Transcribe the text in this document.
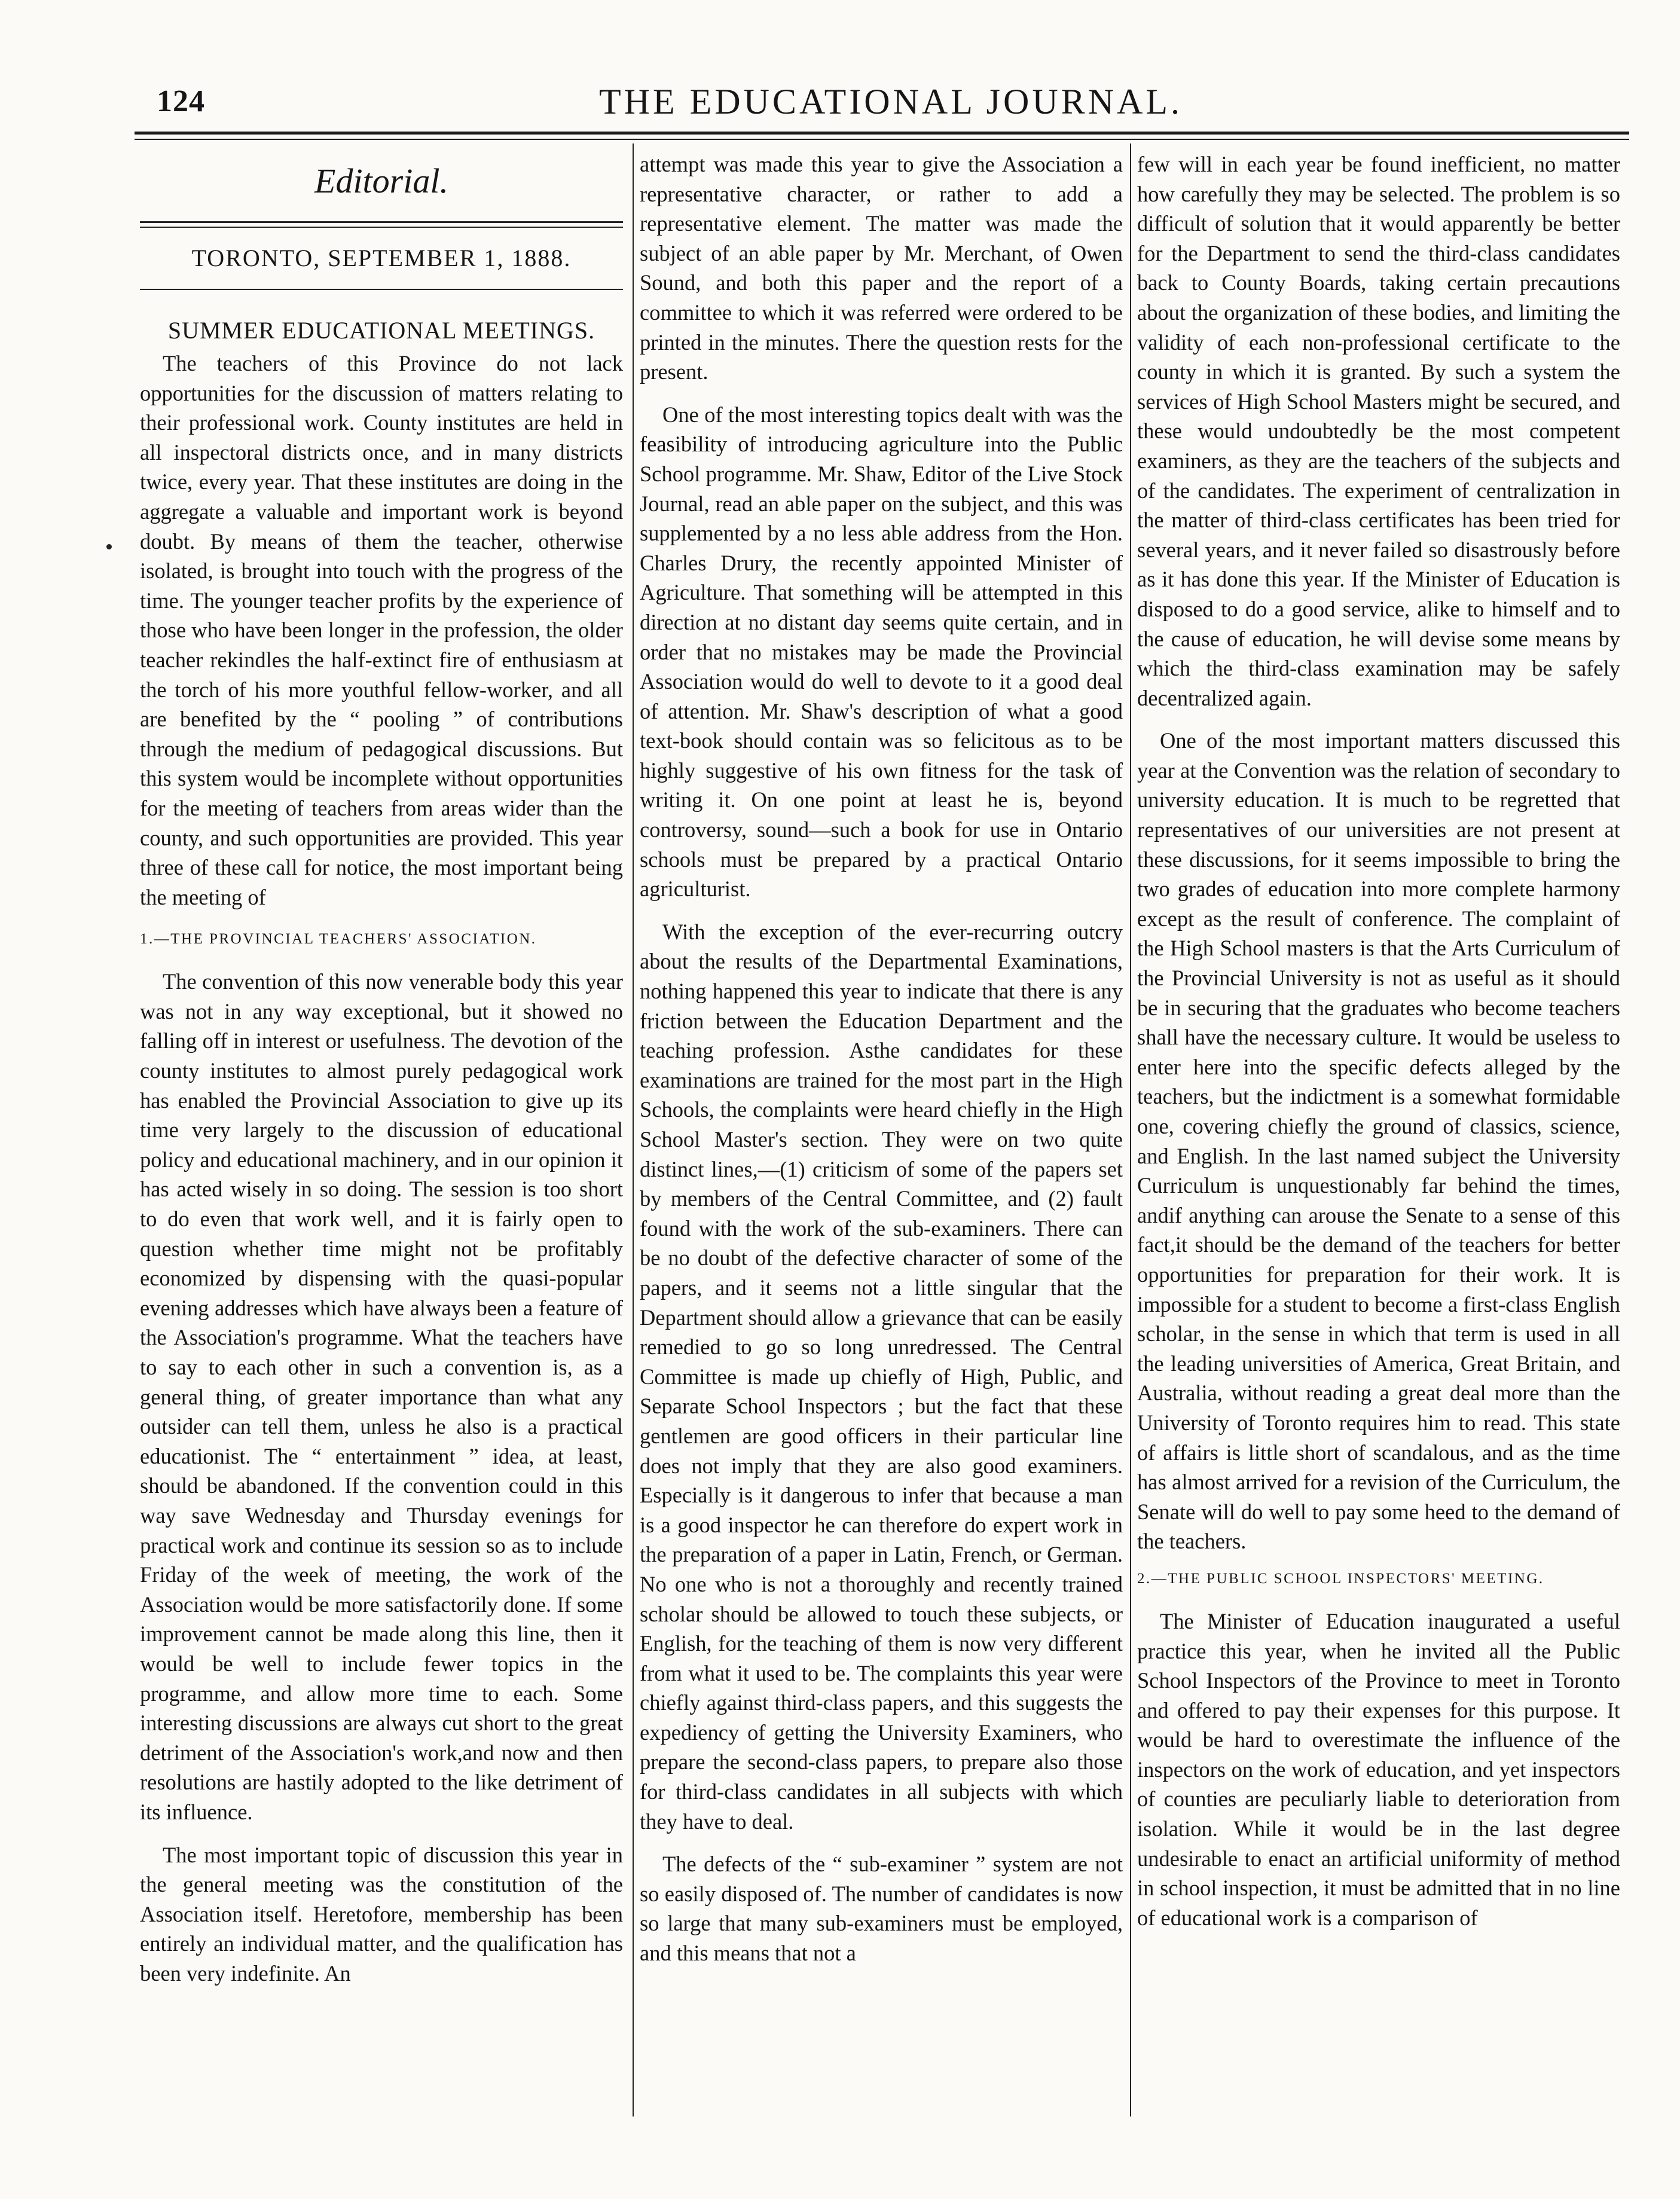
124	THE EDUCATIONAL JOURNAL.
Editorial.
TORONTO, SEPTEMBER 1, 1888.
SUMMER EDUCATIONAL MEETINGS.

The teachers of this Province do not lack opportunities for the discussion of matters relating to their professional work. County institutes are held in all inspectoral districts once, and in many districts twice, every year. That these institutes are doing in the aggregate a valuable and important work is beyond doubt. By means of them the teacher, otherwise isolated, is brought into touch with the progress of the time. The younger teacher profits by the experience of those who have been longer in the profession, the older teacher rekindles the half-extinct fire of enthusiasm at the torch of his more youthful fellow-worker, and all are benefited by the “ pooling ” of contributions through the medium of pedagogical discussions. But this system would be incomplete without opportunities for the meeting of teachers from areas wider than the county, and such opportunities are provided. This year three of these call for notice, the most important being the meeting of

1.—THE PROVINCIAL TEACHERS' ASSOCIATION.

The convention of this now venerable body this year was not in any way exceptional, but it showed no falling off in interest or usefulness. The devotion of the county institutes to almost purely pedagogical work has enabled the Provincial Association to give up its time very largely to the discussion of educational policy and educational machinery, and in our opinion it has acted wisely in so doing. The session is too short to do even that work well, and it is fairly open to question whether time might not be profitably economized by dispensing with the quasi-popular evening addresses which have always been a feature of the Association's programme. What the teachers have to say to each other in such a convention is, as a general thing, of greater importance than what any outsider can tell them, unless he also is a practical educationist. The “ entertainment ” idea, at least, should be abandoned. If the convention could in this way save Wednesday and Thursday evenings for practical work and continue its session so as to include Friday of the week of meeting, the work of the Association would be more satisfactorily done. If some improvement cannot be made along this line, then it would be well to include fewer topics in the programme, and allow more time to each. Some interesting discussions are always cut short to the great detriment of the Association's work,and now and then resolutions are hastily adopted to the like detriment of its influence.

The most important topic of discussion this year in the general meeting was the constitution of the Association itself. Heretofore, membership has been entirely an individual matter, and the qualification has been very indefinite. An

attempt was made this year to give the Association a representative character, or rather to add a representative element. The matter was made the subject of an able paper by Mr. Merchant, of Owen Sound, and both this paper and the report of a committee to which it was referred were ordered to be printed in the minutes. There the question rests for the present.

One of the most interesting topics dealt with was the feasibility of introducing agriculture into the Public School programme. Mr. Shaw, Editor of the Live Stock Journal, read an able paper on the subject, and this was supplemented by a no less able address from the Hon. Charles Drury, the recently appointed Minister of Agriculture. That something will be attempted in this direction at no distant day seems quite certain, and in order that no mistakes may be made the Provincial Association would do well to devote to it a good deal of attention. Mr. Shaw's description of what a good text-book should contain was so felicitous as to be highly suggestive of his own fitness for the task of writing it. On one point at least he is, beyond controversy, sound—such a book for use in Ontario schools must be prepared by a practical Ontario agriculturist.

With the exception of the ever-recurring outcry about the results of the Departmental Examinations, nothing happened this year to indicate that there is any friction between the Education Department and the teaching profession. Asthe candidates for these examinations are trained for the most part in the High Schools, the complaints were heard chiefly in the High School Master's section. They were on two quite distinct lines,—(1) criticism of some of the papers set by members of the Central Committee, and (2) fault found with the work of the sub-examiners. There can be no doubt of the defective character of some of the papers, and it seems not a little singular that the Department should allow a grievance that can be easily remedied to go so long unredressed. The Central Committee is made up chiefly of High, Public, and Separate School Inspectors ; but the fact that these gentlemen are good officers in their particular line does not imply that they are also good examiners. Especially is it dangerous to infer that because a man is a good inspector he can therefore do expert work in the preparation of a paper in Latin, French, or German. No one who is not a thoroughly and recently trained scholar should be allowed to touch these subjects, or English, for the teaching of them is now very different from what it used to be. The complaints this year were chiefly against third-class papers, and this suggests the expediency of getting the University Examiners, who prepare the second-class papers, to prepare also those for third-class candidates in all subjects with which they have to deal.

The defects of the “ sub-examiner ” system are not so easily disposed of. The number of candidates is now so large that many sub-examiners must be employed, and this means that not a

few will in each year be found inefficient, no matter how carefully they may be selected. The problem is so difficult of solution that it would apparently be better for the Department to send the third-class candidates back to County Boards, taking certain precautions about the organization of these bodies, and limiting the validity of each non-professional certificate to the county in which it is granted. By such a system the services of High School Masters might be secured, and these would undoubtedly be the most competent examiners, as they are the teachers of the subjects and of the candidates. The experiment of centralization in the matter of third-class certificates has been tried for several years, and it never failed so disastrously before as it has done this year. If the Minister of Education is disposed to do a good service, alike to himself and to the cause of education, he will devise some means by which the third-class examination may be safely decentralized again.

One of the most important matters discussed this year at the Convention was the relation of secondary to university education. It is much to be regretted that representatives of our universities are not present at these discussions, for it seems impossible to bring the two grades of education into more complete harmony except as the result of conference. The complaint of the High School masters is that the Arts Curriculum of the Provincial University is not as useful as it should be in securing that the graduates who become teachers shall have the necessary culture. It would be useless to enter here into the specific defects alleged by the teachers, but the indictment is a somewhat formidable one, covering chiefly the ground of classics, science, and English. In the last named subject the University Curriculum is unquestionably far behind the times, andif anything can arouse the Senate to a sense of this fact,it should be the demand of the teachers for better opportunities for preparation for their work. It is impossible for a student to become a first-class English scholar, in the sense in which that term is used in all the leading universities of America, Great Britain, and Australia, without reading a great deal more than the University of Toronto requires him to read. This state of affairs is little short of scandalous, and as the time has almost arrived for a revision of the Curriculum, the Senate will do well to pay some heed to the demand of the teachers.

2.—THE PUBLIC SCHOOL INSPECTORS' MEETING.

The Minister of Education inaugurated a useful practice this year, when he invited all the Public School Inspectors of the Province to meet in Toronto and offered to pay their expenses for this purpose. It would be hard to overestimate the influence of the inspectors on the work of education, and yet inspectors of counties are peculiarly liable to deterioration from isolation. While it would be in the last degree undesirable to enact an artificial uniformity of method in school inspection, it must be admitted that in no line of educational work is a comparison of
